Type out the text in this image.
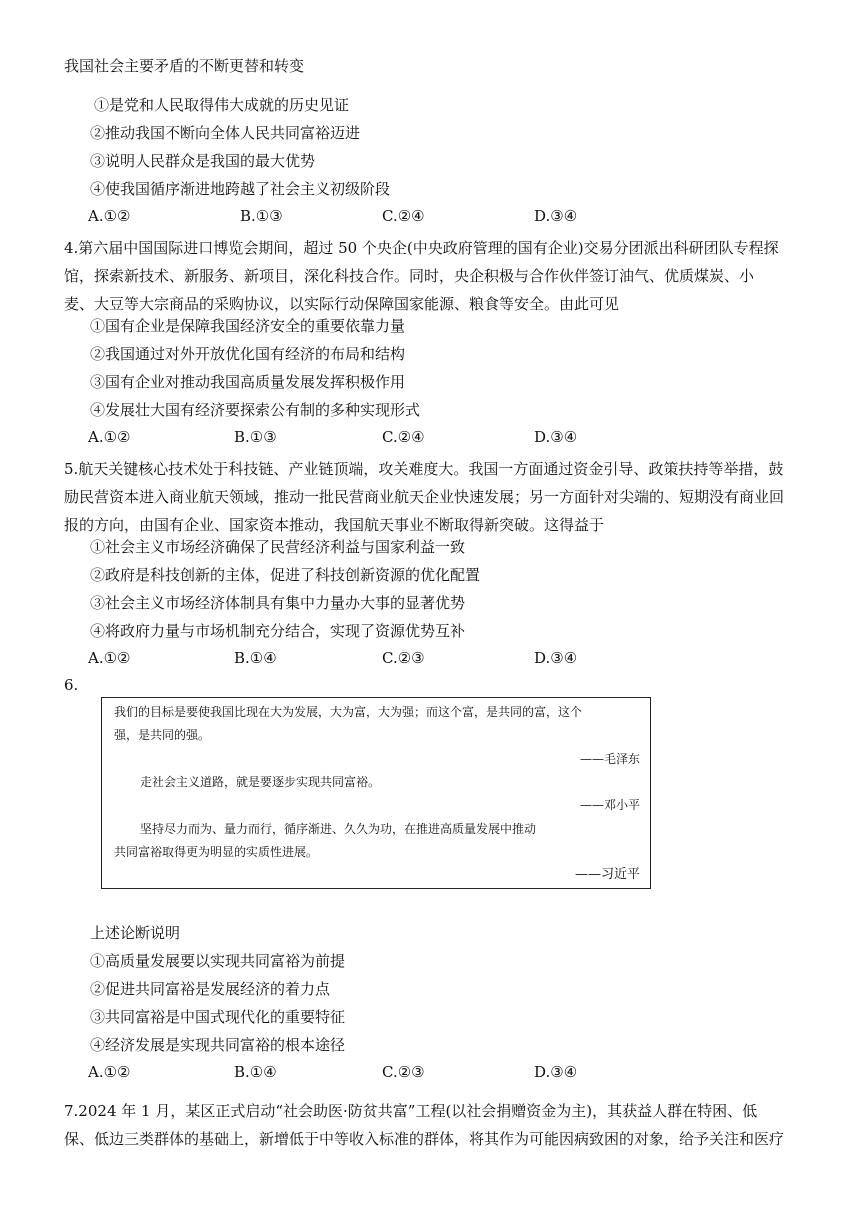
我国社会主要矛盾的不断更替和转变
①是党和人民取得伟大成就的历史见证
②推动我国不断向全体人民共同富裕迈进
③说明人民群众是我国的最大优势
④使我国循序渐进地跨越了社会主义初级阶段
A.①②	B.①③	C.②④	D.③④
4.第六届中国国际进口博览会期间，超过 50 个央企(中央政府管理的国有企业)交易分团派出科研团队专程探
馆，探索新技术、新服务、新项目，深化科技合作。同时，央企积极与合作伙伴签订油气、优质煤炭、小
麦、大豆等大宗商品的采购协议，以实际行动保障国家能源、粮食等安全。由此可见
①国有企业是保障我国经济安全的重要依靠力量
②我国通过对外开放优化国有经济的布局和结构
③国有企业对推动我国高质量发展发挥积极作用
④发展壮大国有经济要探索公有制的多种实现形式
A.①②	B.①③	C.②④	D.③④
5.航天关键核心技术处于科技链、产业链顶端，攻关难度大。我国一方面通过资金引导、政策扶持等举措，鼓
励民营资本进入商业航天领域，推动一批民营商业航天企业快速发展；另一方面针对尖端的、短期没有商业回
报的方向，由国有企业、国家资本推动，我国航天事业不断取得新突破。这得益于
①社会主义市场经济确保了民营经济利益与国家利益一致
②政府是科技创新的主体，促进了科技创新资源的优化配置
③社会主义市场经济体制具有集中力量办大事的显著优势
④将政府力量与市场机制充分结合，实现了资源优势互补
A.①②	B.①④	C.②③	D.③④
6.
我们的目标是要使我国比现在大为发展，大为富，大为强；而这个富，是共同的富，这个
强，是共同的强。
——毛泽东
走社会主义道路，就是要逐步实现共同富裕。
——邓小平
坚持尽力而为、量力而行，循序渐进、久久为功，在推进高质量发展中推动
共同富裕取得更为明显的实质性进展。
——习近平
上述论断说明
①高质量发展要以实现共同富裕为前提
②促进共同富裕是发展经济的着力点
③共同富裕是中国式现代化的重要特征
④经济发展是实现共同富裕的根本途径
A.①②	B.①④	C.②③	D.③④
7.2024 年 1 月，某区正式启动“社会助医·防贫共富”工程(以社会捐赠资金为主)，其获益人群在特困、低
保、低边三类群体的基础上，新增低于中等收入标准的群体，将其作为可能因病致困的对象，给予关注和医疗
